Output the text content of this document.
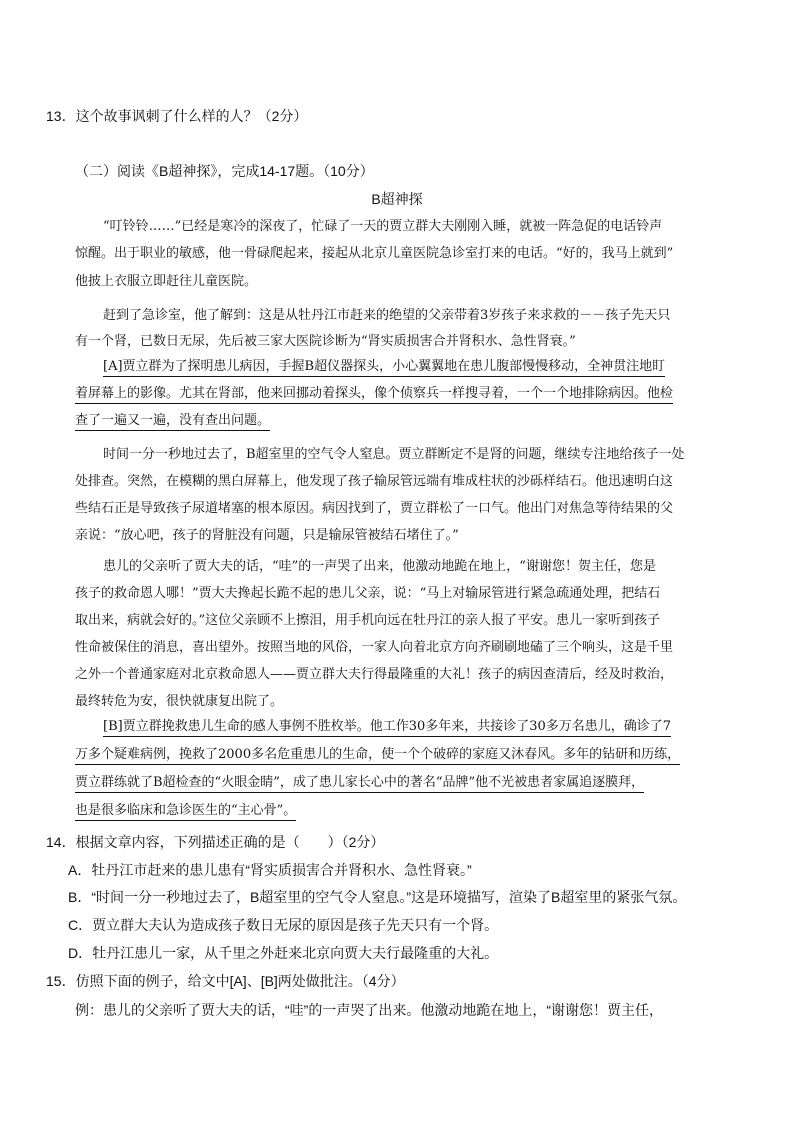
13．这个故事讽刺了什么样的人？（2分）
（二）阅读《B超神探》，完成14-17题。（10分）
B超神探
“叮铃铃……”已经是寒冷的深夜了，忙碌了一天的贾立群大夫刚刚入睡，就被一阵急促的电话铃声
惊醒。出于职业的敏感，他一骨碌爬起来，接起从北京儿童医院急诊室打来的电话。“好的，我马上就到”
他披上衣服立即赶往儿童医院。
赶到了急诊室，他了解到：这是从牡丹江市赶来的绝望的父亲带着3岁孩子来求救的－－孩子先天只
有一个肾，已数日无尿，先后被三家大医院诊断为“肾实质损害合并肾积水、急性肾衰。”
[A]贾立群为了探明患儿病因，手握B超仪器探头，小心翼翼地在患儿腹部慢慢移动，全神贯注地盯
着屏幕上的影像。尤其在肾部，他来回挪动着探头，像个侦察兵一样搜寻着，一个一个地排除病因。他检
查了一遍又一遍，没有查出问题。
时间一分一秒地过去了，B超室里的空气令人窒息。贾立群断定不是肾的问题，继续专注地给孩子一处
处排查。突然，在模糊的黑白屏幕上，他发现了孩子输尿管远端有堆成柱状的沙砾样结石。他迅速明白这
些结石正是导致孩子尿道堵塞的根本原因。病因找到了，贾立群松了一口气。他出门对焦急等待结果的父
亲说：“放心吧，孩子的肾脏没有问题，只是输尿管被结石堵住了。”
患儿的父亲听了贾大夫的话，“哇”的一声哭了出来，他激动地跪在地上，“谢谢您！贺主任，您是
孩子的救命恩人哪！”贾大夫搀起长跪不起的患儿父亲，说：“马上对输尿管进行紧急疏通处理，把结石
取出来，病就会好的。”这位父亲顾不上擦泪，用手机向远在牡丹江的亲人报了平安。患儿一家听到孩子
性命被保住的消息，喜出望外。按照当地的风俗，一家人向着北京方向齐刷刷地磕了三个响头，这是千里
之外一个普通家庭对北京救命恩人——贾立群大夫行得最隆重的大礼！孩子的病因查清后，经及时救治，
最终转危为安，很快就康复出院了。
[B]贾立群挽救患儿生命的感人事例不胜枚举。他工作30多年来，共接诊了30多万名患儿，确诊了7
万多个疑难病例，挽救了2000多名危重患儿的生命，使一个个破碎的家庭又沐春风。多年的钻研和历练，
贾立群练就了B超检查的“火眼金睛”，成了患儿家长心中的著名“品牌”他不光被患者家属追逐膜拜，
也是很多临床和急诊医生的“主心骨”。
14．根据文章内容，下列描述正确的是（　　）（2分）
A．牡丹江市赶来的患儿患有“肾实质损害合并肾积水、急性肾衰。”
B．“时间一分一秒地过去了，B超室里的空气令人窒息。”这是环境描写，渲染了B超室里的紧张气氛。
C．贾立群大夫认为造成孩子数日无尿的原因是孩子先天只有一个肾。
D．牡丹江患儿一家，从千里之外赶来北京向贾大夫行最隆重的大礼。
15．仿照下面的例子，给文中[A]、[B]两处做批注。（4分）
例：患儿的父亲听了贾大夫的话，“哇”的一声哭了出来。他激动地跪在地上，“谢谢您！贾主任，
